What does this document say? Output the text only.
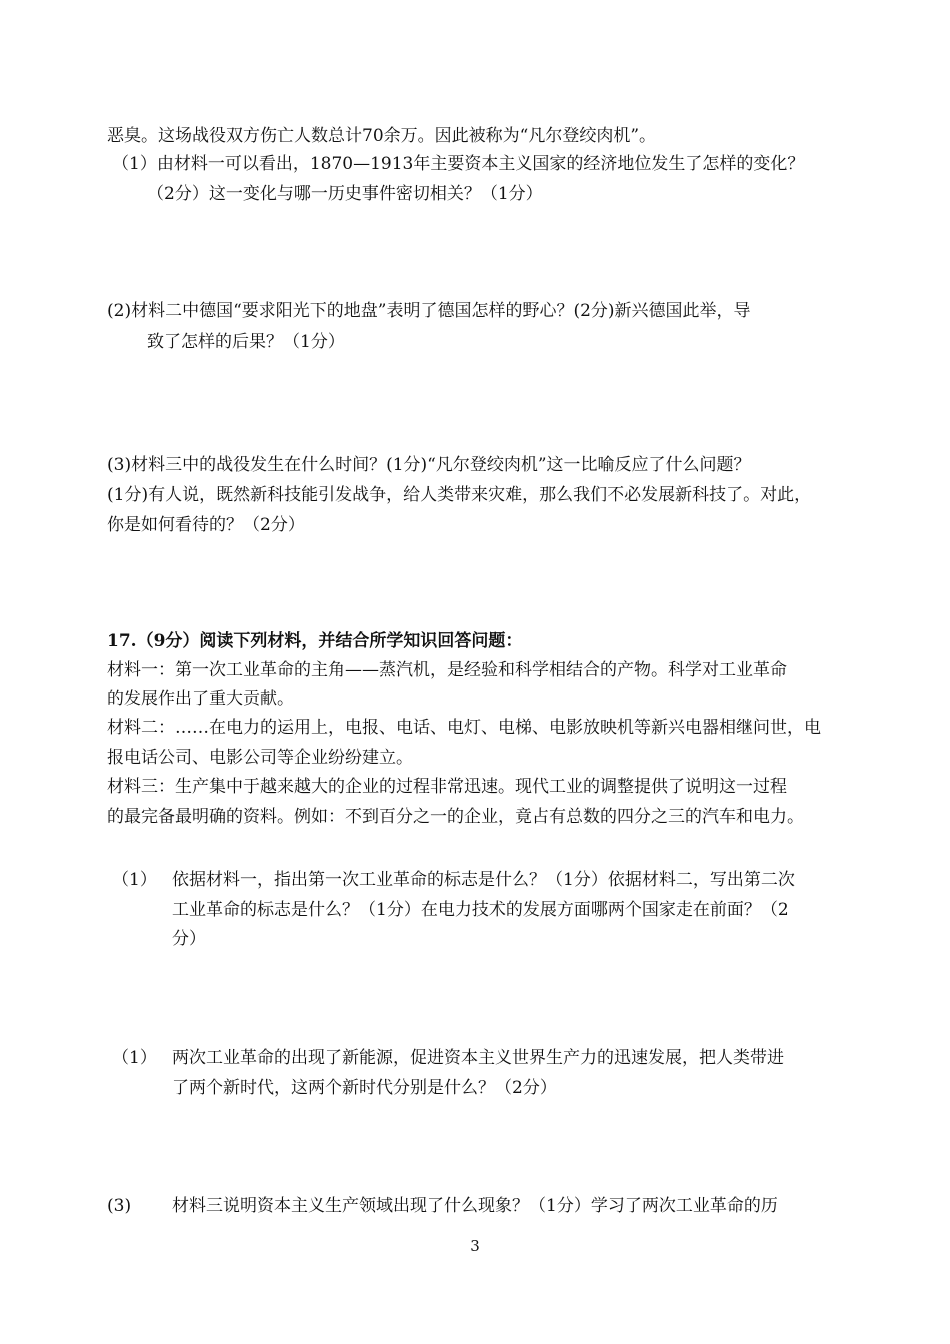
恶臭。这场战役双方伤亡人数总计70余万。因此被称为“凡尔登绞肉机”。
（1）由材料一可以看出，1870—1913年主要资本主义国家的经济地位发生了怎样的变化？
（2分）这一变化与哪一历史事件密切相关？（1分）
(2)材料二中德国“要求阳光下的地盘”表明了德国怎样的野心？(2分)新兴德国此举，导
致了怎样的后果？（1分）
(3)材料三中的战役发生在什么时间？(1分)“凡尔登绞肉机”这一比喻反应了什么问题？
(1分)有人说，既然新科技能引发战争，给人类带来灾难，那么我们不必发展新科技了。对此，
你是如何看待的？（2分）
17.（9分）阅读下列材料，并结合所学知识回答问题：
材料一：第一次工业革命的主角——蒸汽机，是经验和科学相结合的产物。科学对工业革命
的发展作出了重大贡献。
材料二：……在电力的运用上，电报、电话、电灯、电梯、电影放映机等新兴电器相继问世，电
报电话公司、电影公司等企业纷纷建立。
材料三：生产集中于越来越大的企业的过程非常迅速。现代工业的调整提供了说明这一过程
的最完备最明确的资料。例如：不到百分之一的企业，竟占有总数的四分之三的汽车和电力。
（1） 依据材料一，指出第一次工业革命的标志是什么？（1分）依据材料二，写出第二次
工业革命的标志是什么？（1分）在电力技术的发展方面哪两个国家走在前面？（2
分）
（1） 两次工业革命的出现了新能源，促进资本主义世界生产力的迅速发展，把人类带进
了两个新时代，这两个新时代分别是什么？（2分）
(3) 材料三说明资本主义生产领域出现了什么现象？（1分）学习了两次工业革命的历
3
